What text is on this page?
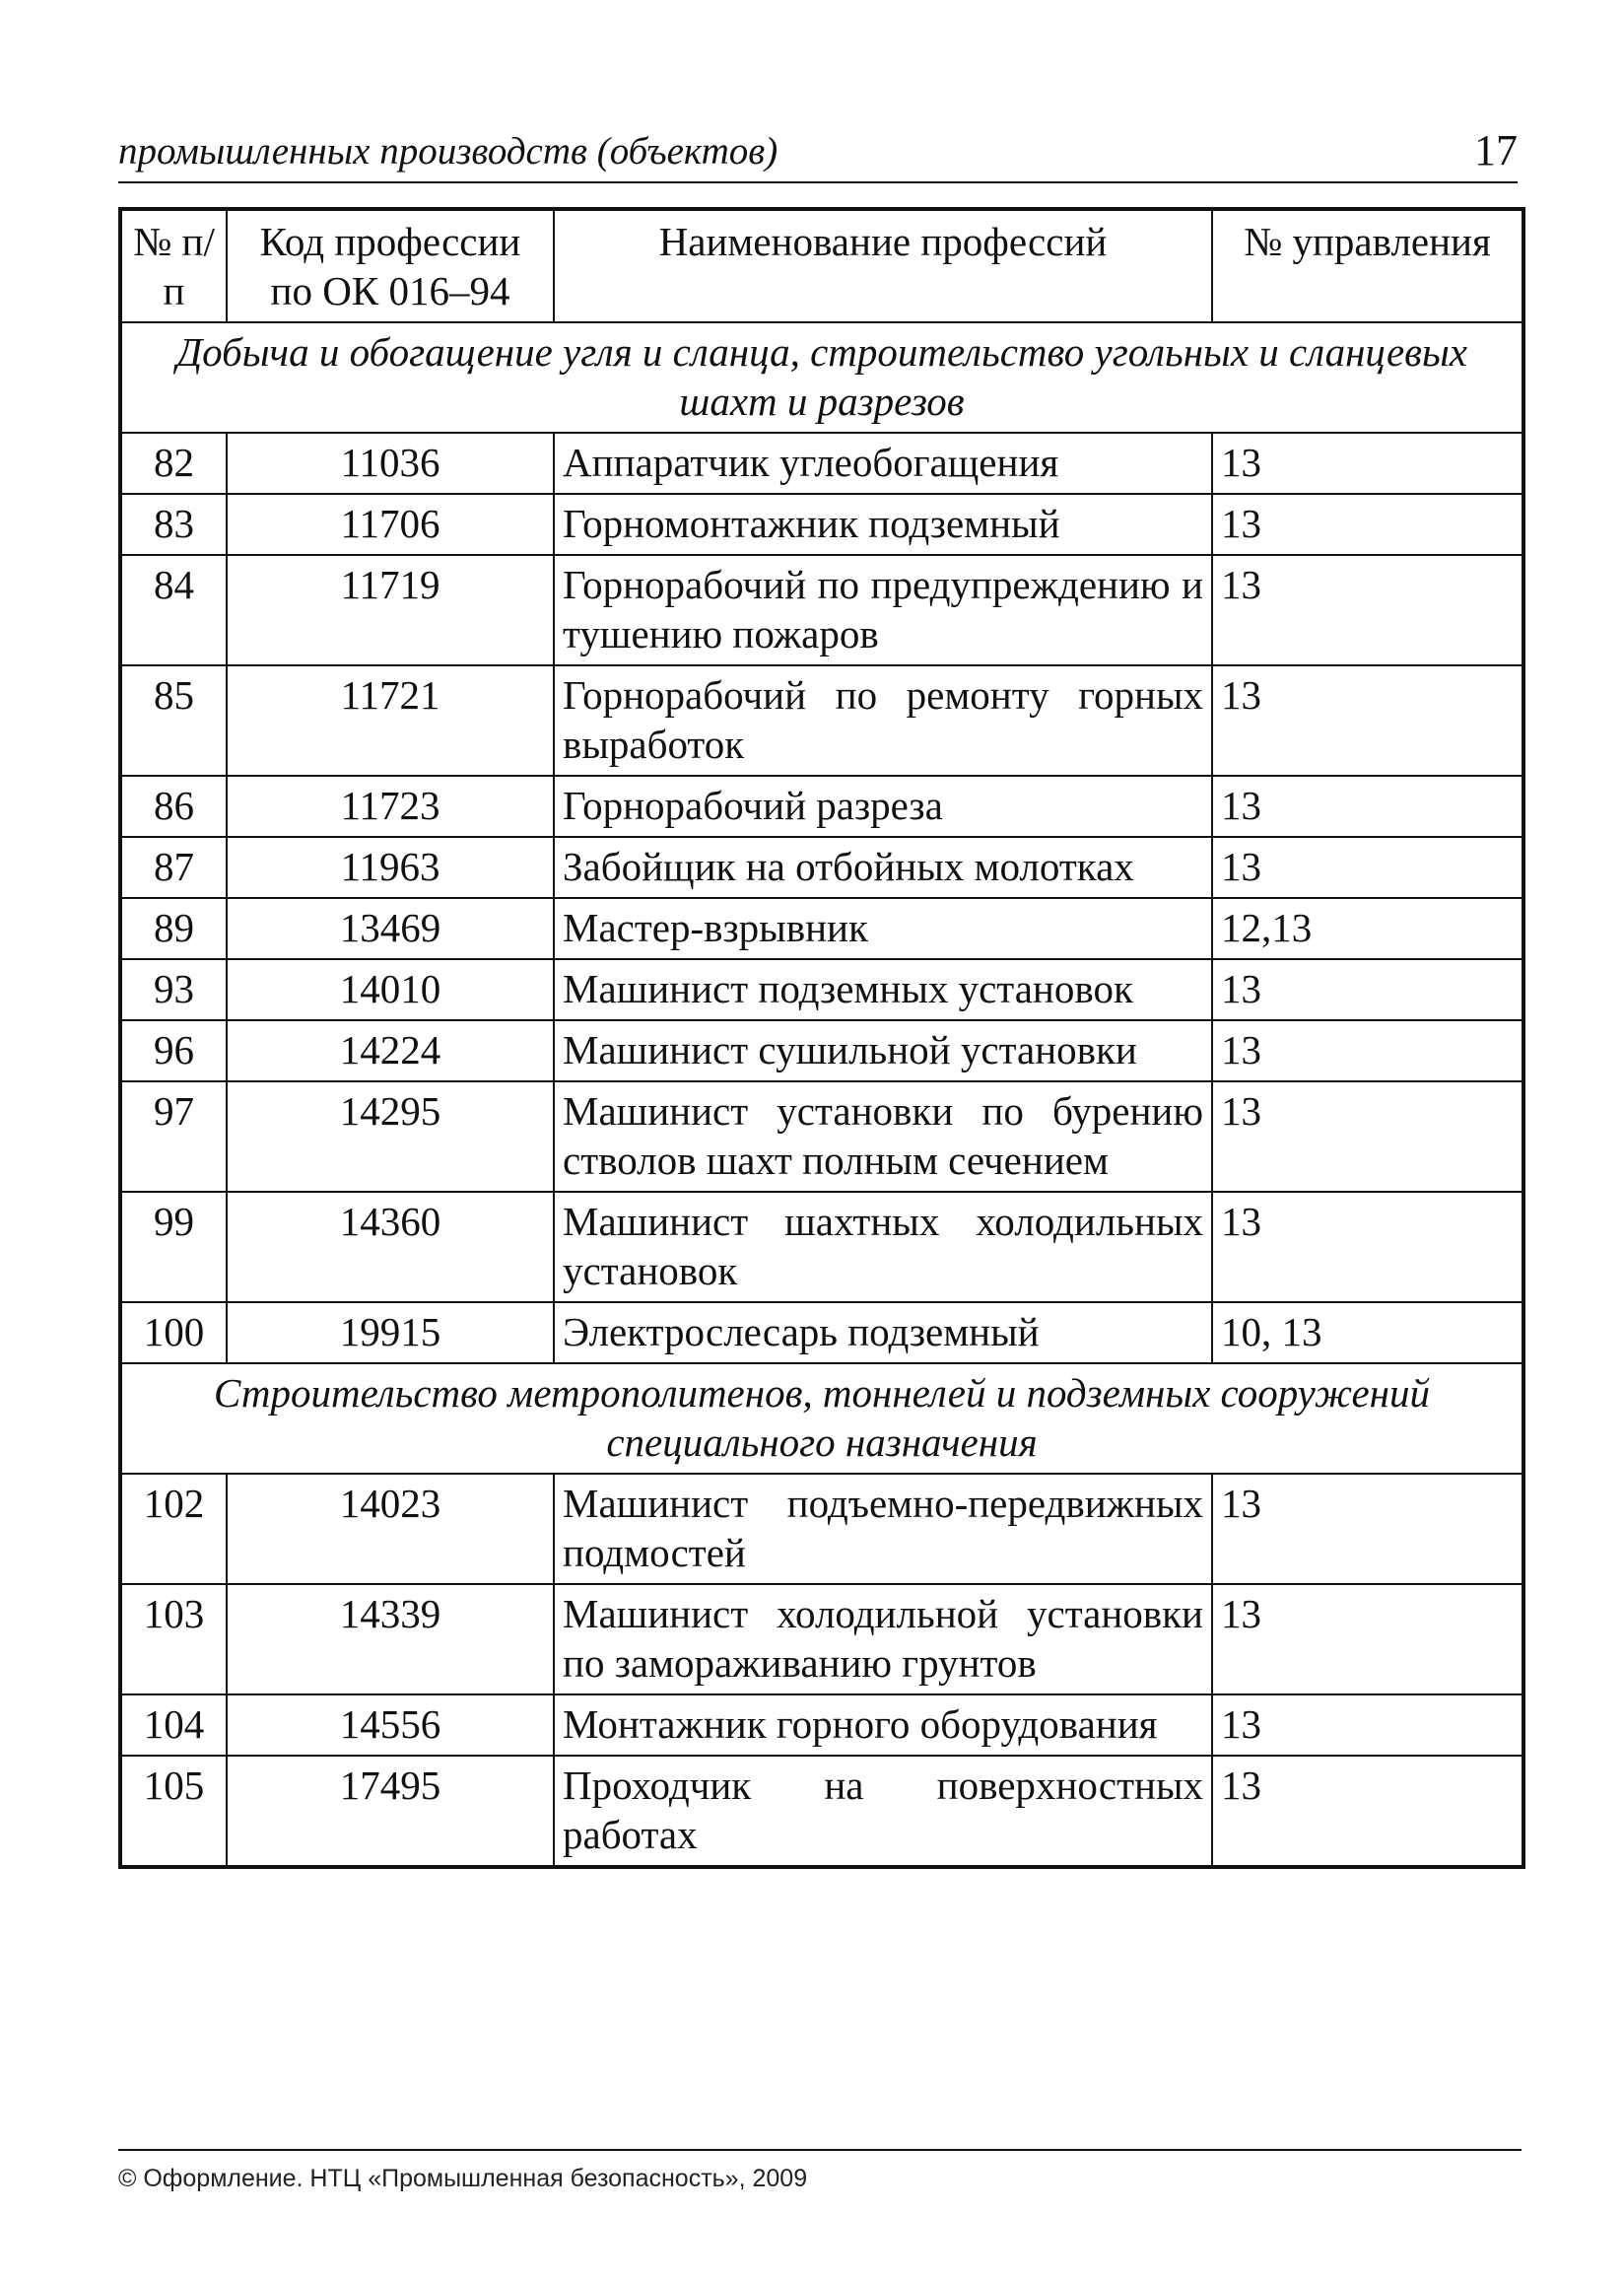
промышленных производств (объектов)	17
№ п/п	Код профессии по ОК 016–94	Наименование профессий	№ управления
Добыча и обогащение угля и сланца, строительство угольных и сланцевых шахт и разрезов			
82	11036	Аппаратчик углеобогащения	13
83	11706	Горномонтажник подземный	13
84	11719	Горнорабочий по предупреждению и тушению пожаров	13
85	11721	Горнорабочий по ремонту горных выработок	13
86	11723	Горнорабочий разреза	13
87	11963	Забойщик на отбойных молотках	13
89	13469	Мастер-взрывник	12,13
93	14010	Машинист подземных установок	13
96	14224	Машинист сушильной установки	13
97	14295	Машинист установки по бурению стволов шахт полным сечением	13
99	14360	Машинист шахтных холодильных установок	13
100	19915	Электрослесарь подземный	10, 13
Строительство метрополитенов, тоннелей и подземных сооружений специального назначения			
102	14023	Машинист подъемно-передвижных подмостей	13
103	14339	Машинист холодильной установки по замораживанию грунтов	13
104	14556	Монтажник горного оборудования	13
105	17495	Проходчик на поверхностных работах	13
© Оформление. НТЦ «Промышленная безопасность», 2009
